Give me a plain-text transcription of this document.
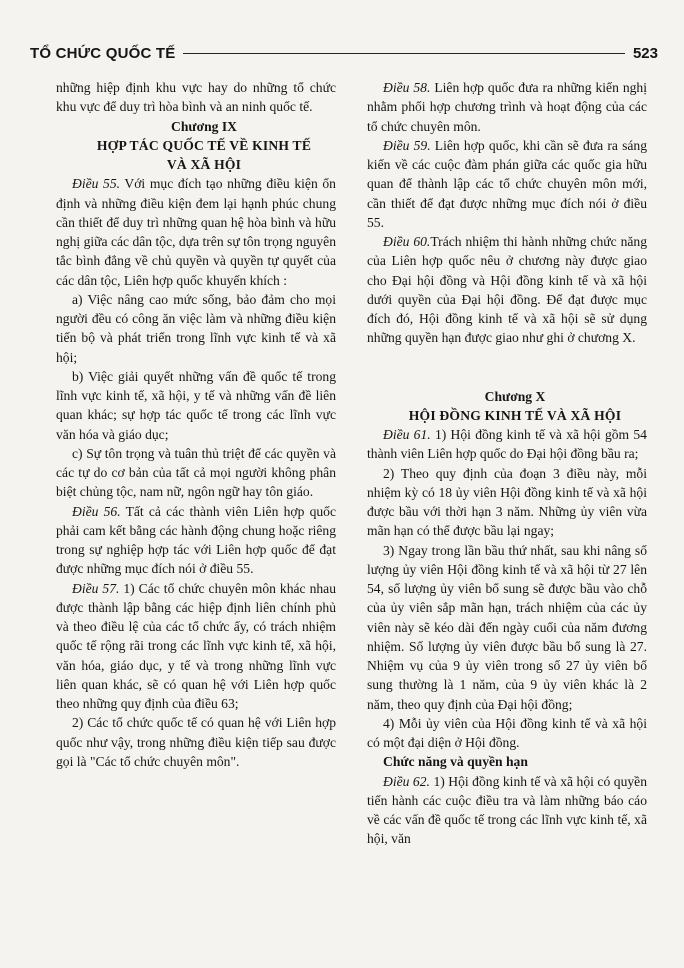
TỔ CHỨC QUỐC TẾ	523

những hiệp định khu vực hay do những tổ chức khu vực để duy trì hòa bình và an ninh quốc tế.

Chương IX

HỢP TÁC QUỐC TẾ VỀ KINH TẾ

VÀ XÃ HỘI

Điều 55. Với mục đích tạo những điều kiện ổn định và những điều kiện đem lại hạnh phúc chung cần thiết để duy trì những quan hệ hòa bình và hữu nghị giữa các dân tộc, dựa trên sự tôn trọng nguyên tắc bình đẳng về chủ quyền và quyền tự quyết của các dân tộc, Liên hợp quốc khuyến khích :

a) Việc nâng cao mức sống, bảo đảm cho mọi người đều có công ăn việc làm và những điều kiện tiến bộ và phát triển trong lĩnh vực kinh tế và xã hội;

b) Việc giải quyết những vấn đề quốc tế trong lĩnh vực kinh tế, xã hội, y tế và những vấn đề liên quan khác; sự hợp tác quốc tế trong các lĩnh vực văn hóa và giáo dục;

c) Sự tôn trọng và tuân thủ triệt để các quyền và các tự do cơ bản của tất cả mọi người không phân biệt chủng tộc, nam nữ, ngôn ngữ hay tôn giáo.

Điều 56. Tất cả các thành viên Liên hợp quốc phải cam kết bằng các hành động chung hoặc riêng trong sự nghiệp hợp tác với Liên hợp quốc để đạt được những mục đích nói ở điều 55.

Điều 57. 1) Các tổ chức chuyên môn khác nhau được thành lập bằng các hiệp định liên chính phủ và theo điều lệ của các tổ chức ấy, có trách nhiệm quốc tế rộng rãi trong các lĩnh vực kinh tế, xã hội, văn hóa, giáo dục, y tế và trong những lĩnh vực liên quan khác, sẽ có quan hệ với Liên hợp quốc theo những quy định của điều 63;

2) Các tổ chức quốc tế có quan hệ với Liên hợp quốc như vậy, trong những điều kiện tiếp sau được gọi là "Các tổ chức chuyên môn".

Điều 58. Liên hợp quốc đưa ra những kiến nghị nhằm phối hợp chương trình và hoạt động của các tổ chức chuyên môn.

Điều 59. Liên hợp quốc, khi cần sẽ đưa ra sáng kiến về các cuộc đàm phán giữa các quốc gia hữu quan để thành lập các tổ chức chuyên môn mới, cần thiết để đạt được những mục đích nói ở điều 55.

Điều 60.Trách nhiệm thi hành những chức năng của Liên hợp quốc nêu ở chương này được giao cho Đại hội đồng và Hội đồng kinh tế và xã hội dưới quyền của Đại hội đồng. Để đạt được mục đích đó, Hội đồng kinh tế và xã hội sẽ sử dụng những quyền hạn được giao như ghi ở chương X.

Chương X

HỘI ĐỒNG KINH TẾ VÀ XÃ HỘI

Điều 61. 1) Hội đồng kinh tế và xã hội gồm 54 thành viên Liên hợp quốc do Đại hội đồng bầu ra;

2) Theo quy định của đoạn 3 điều này, mỗi nhiệm kỳ có 18 ủy viên Hội đồng kinh tế và xã hội được bầu với thời hạn 3 năm. Những ủy viên vừa mãn hạn có thể được bầu lại ngay;

3) Ngay trong lần bầu thứ nhất, sau khi nâng số lượng ủy viên Hội đồng kinh tế và xã hội từ 27 lên 54, số lượng ủy viên bổ sung sẽ được bầu vào chỗ của ủy viên sắp mãn hạn, trách nhiệm của các ủy viên này sẽ kéo dài đến ngày cuối của năm đương nhiệm. Số lượng ủy viên được bầu bổ sung là 27. Nhiệm vụ của 9 ủy viên trong số 27 ủy viên bổ sung thường là 1 năm, của 9 ủy viên khác là 2 năm, theo quy định của Đại hội đồng;

4) Mỗi ủy viên của Hội đồng kinh tế và xã hội có một đại diện ở Hội đồng.

Chức năng và quyền hạn

Điều 62. 1) Hội đồng kinh tế và xã hội có quyền tiến hành các cuộc điều tra và làm những báo cáo về các vấn đề quốc tế trong các lĩnh vực kinh tế, xã hội, văn
